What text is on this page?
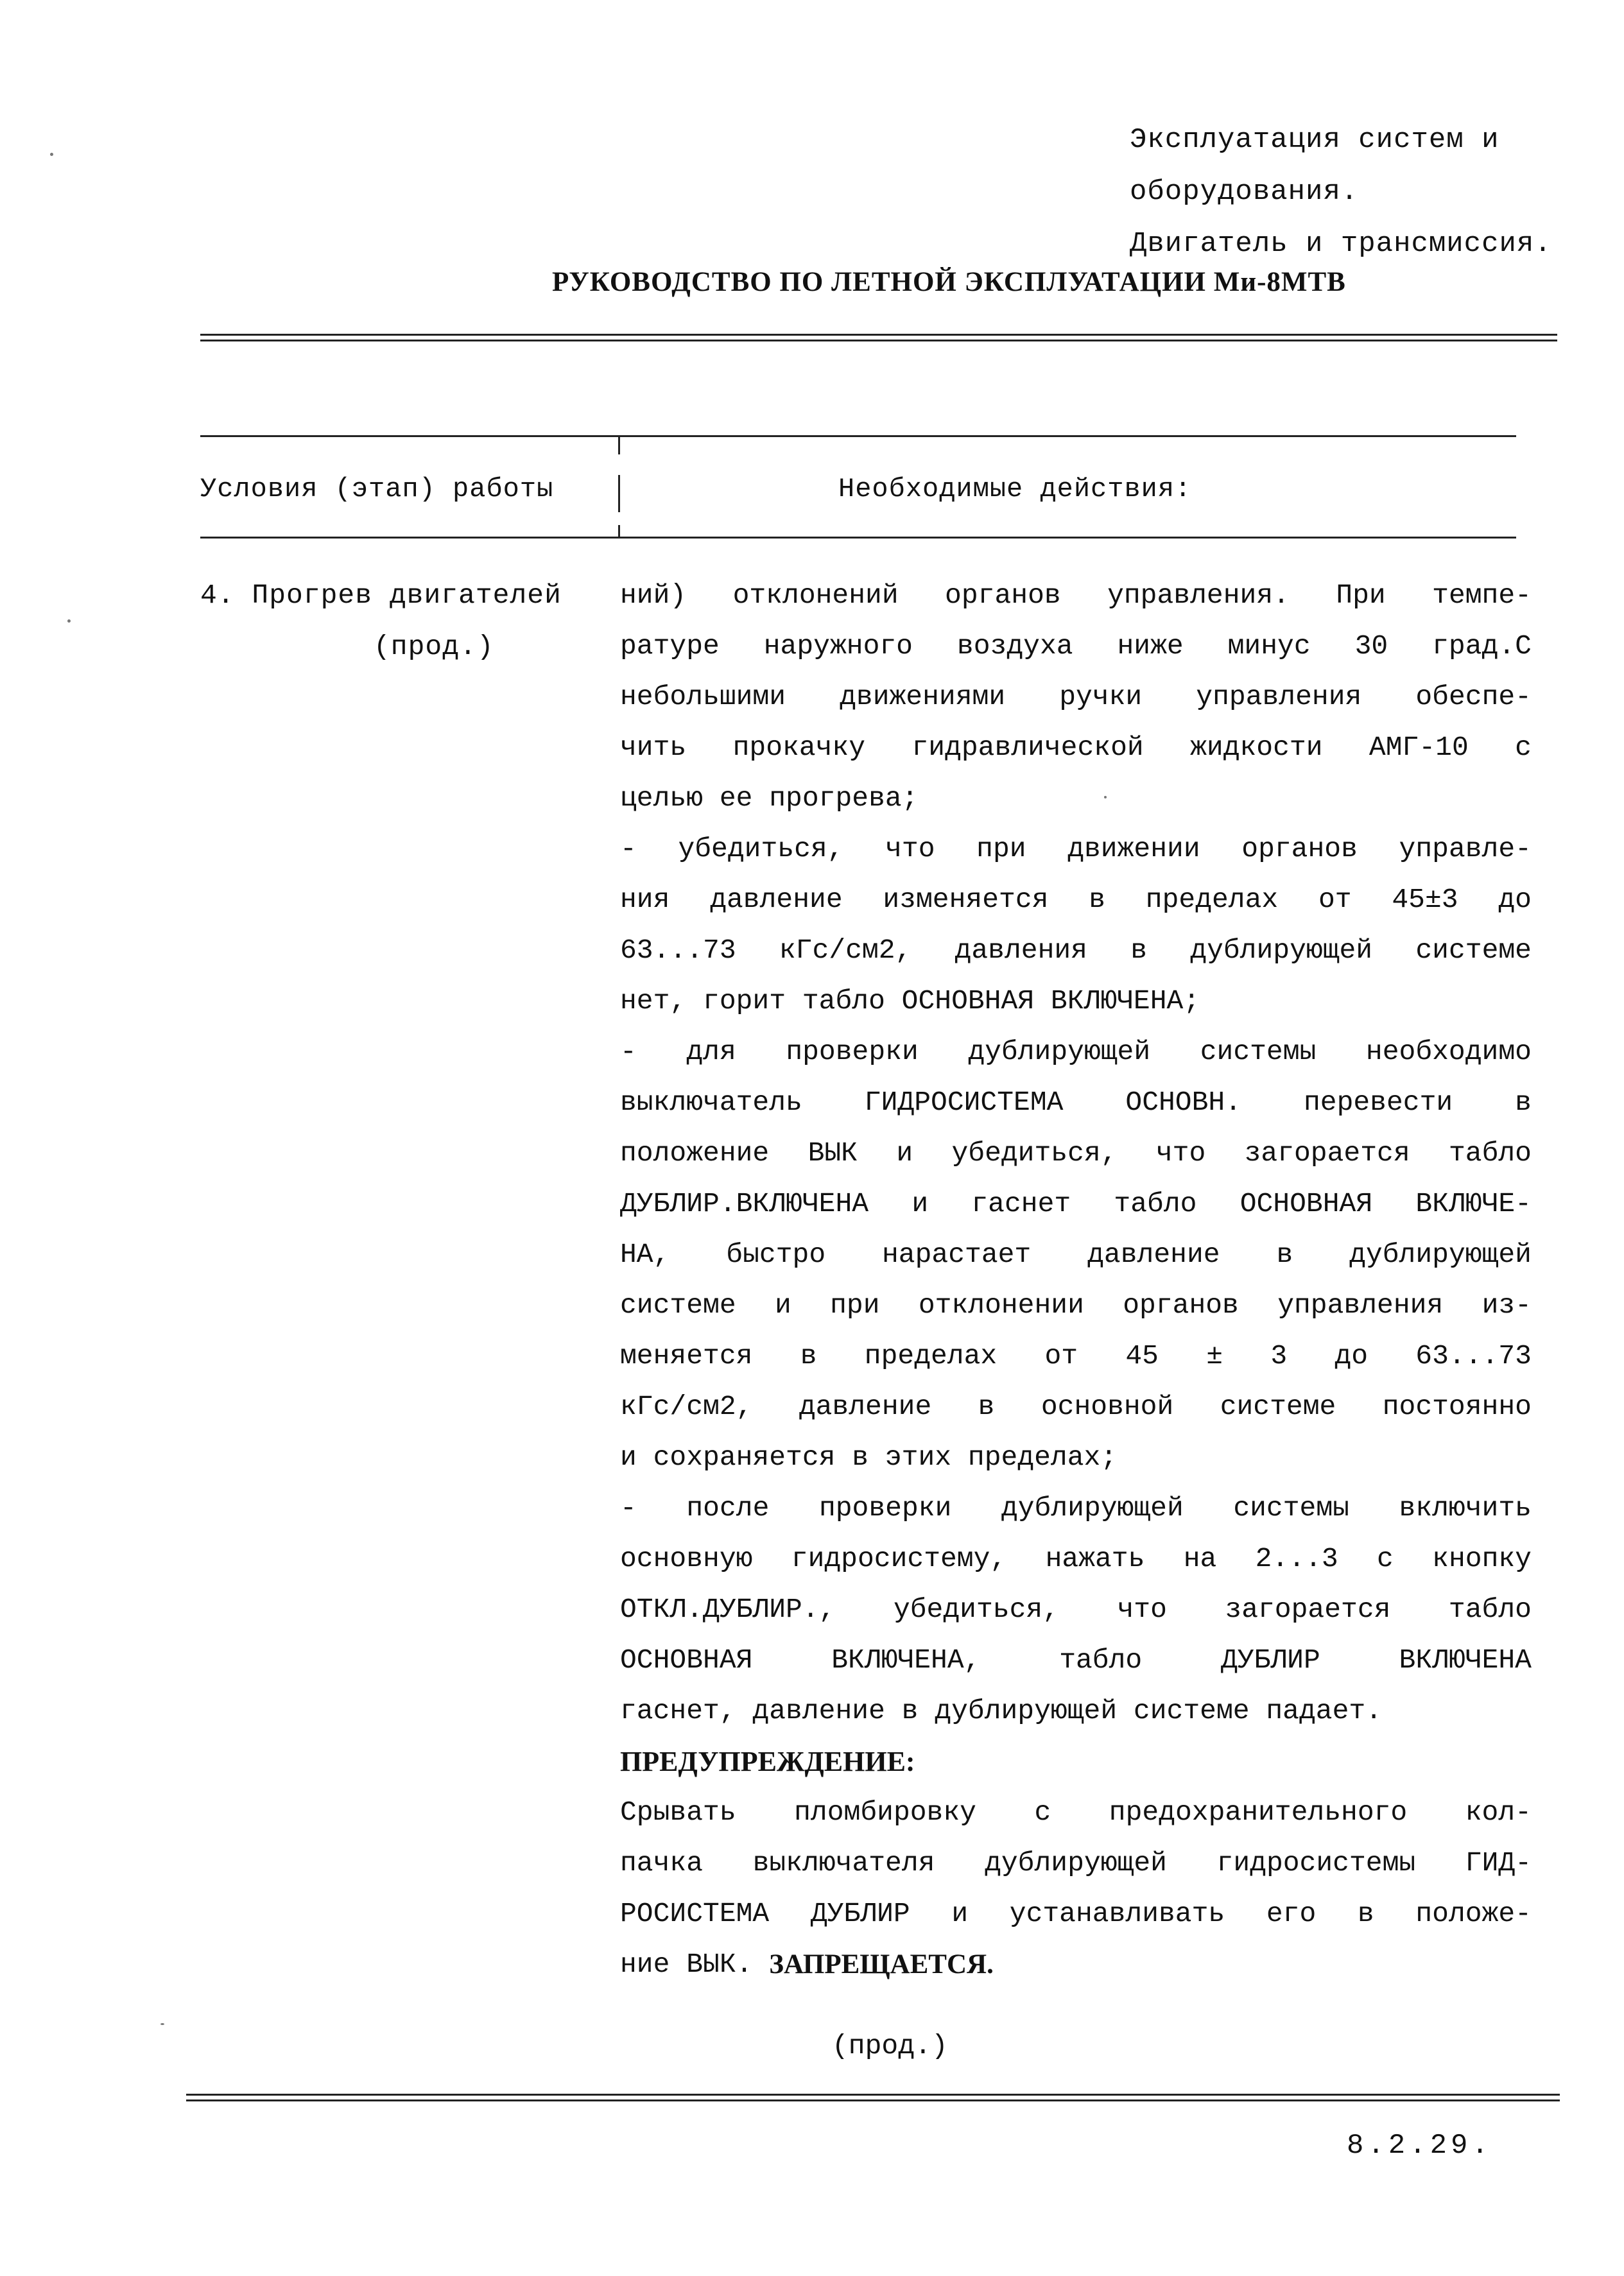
Эксплуатация систем и
оборудования.
Двигатель и трансмиссия.
РУКОВОДСТВО ПО ЛЕТНОЙ ЭКСПЛУАТАЦИИ Ми-8МТВ
Условия (этап) работы	Необходимые действия:
4. Прогрев двигателей
(прод.)
ний) отклонений органов управления. При темпе-
ратуре наружного воздуха ниже минус 30 град.С
небольшими движениями ручки управления обеспе-
чить прокачку гидравлической жидкости АМГ-10 с
целью ее прогрева;
- убедиться, что при движении органов управле-
ния давление изменяется в пределах от 45±3 до
63...73 кГс/см2, давления в дублирующей системе
нет, горит табло ОСНОВНАЯ ВКЛЮЧЕНА;
- для проверки дублирующей системы необходимо
выключатель ГИДРОСИСТЕМА ОСНОВН. перевести в
положение ВЫК и убедиться, что загорается табло
ДУБЛИР.ВКЛЮЧЕНА и гаснет табло ОСНОВНАЯ ВКЛЮЧЕ-
НА, быстро нарастает давление в дублирующей
системе и при отклонении органов управления из-
меняется в пределах от 45 ± 3 до 63...73
кГс/см2, давление в основной системе постоянно
и сохраняется в этих пределах;
- после проверки дублирующей системы включить
основную гидросистему, нажать на 2...3 с кнопку
ОТКЛ.ДУБЛИР., убедиться, что загорается табло
ОСНОВНАЯ	ВКЛЮЧЕНА,	табло	ДУБЛИР	ВКЛЮЧЕНА
гаснет, давление в дублирующей системе падает.
ПРЕДУПРЕЖДЕНИЕ:
Срывать пломбировку с предохранительного кол-
пачка выключателя дублирующей гидросистемы ГИД-
РОСИСТЕМА ДУБЛИР и устанавливать его в положе-
ние ВЫК.
ЗАПРЕЩАЕТСЯ.
(прод.)
8.2.29.
